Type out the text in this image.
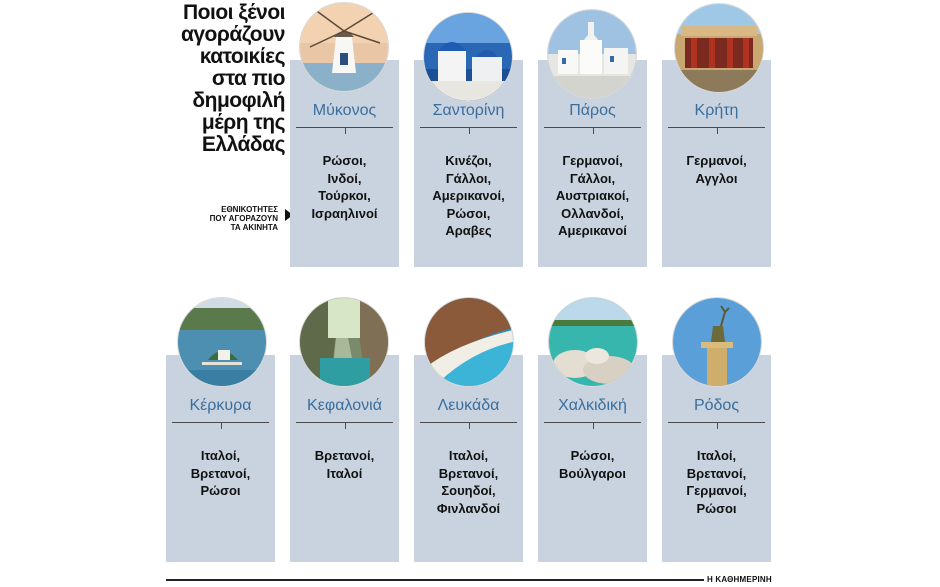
Ποιοι ξένοι
αγοράζουν
κατοικίες
στα πιο
δημοφιλή
μέρη της
Ελλάδας
ΕΘΝΙΚΟΤΗΤΕΣ
ΠΟΥ ΑΓΟΡΑΖΟΥΝ
ΤΑ ΑΚΙΝΗΤΑ
Μύκονος
Ρώσοι,
Ινδοί,
Τούρκοι,
Ισραηλινοί
Σαντορίνη
Κινέζοι,
Γάλλοι,
Αμερικανοί,
Ρώσοι,
Αραβες
Πάρος
Γερμανοί,
Γάλλοι,
Αυστριακοί,
Ολλανδοί,
Αμερικανοί
Κρήτη
Γερμανοί,
Αγγλοι
Κέρκυρα
Ιταλοί,
Βρετανοί,
Ρώσοι
Κεφαλονιά
Βρετανοί,
Ιταλοί
Λευκάδα
Ιταλοί,
Βρετανοί,
Σουηδοί,
Φινλανδοί
Χαλκιδική
Ρώσοι,
Βούλγαροι
Ρόδος
Ιταλοί,
Βρετανοί,
Γερμανοί,
Ρώσοι
Η ΚΑΘΗΜΕΡΙΝΗ
